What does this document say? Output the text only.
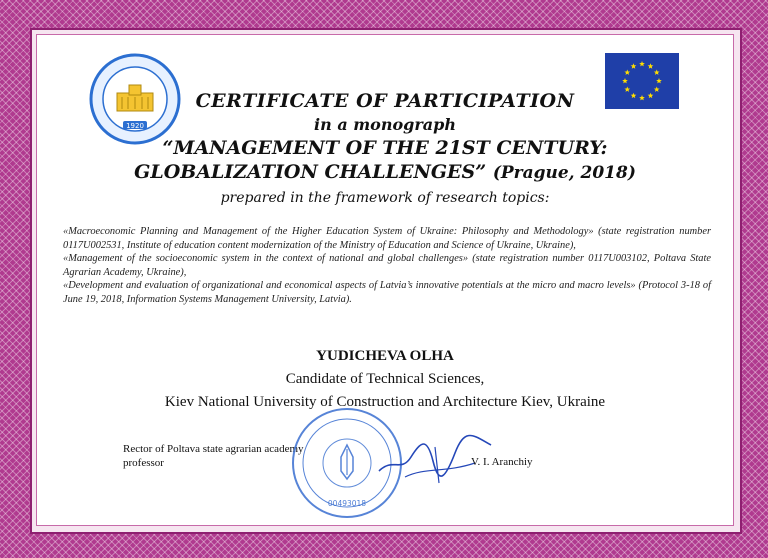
1920
CERTIFICATE OF PARTICIPATION
in a monograph
“MANAGEMENT OF THE 21ST CENTURY: GLOBALIZATION CHALLENGES” (Prague, 2018)
prepared in the framework of research topics:

«Macroeconomic Planning and Management of the Higher Education System of Ukraine: Philosophy and Methodology» (state registration number 0117U002531, Institute of education content modernization of the Ministry of Education and Science of Ukraine, Ukraine),

«Management of the socioeconomic system in the context of national and global challenges» (state registration number 0117U003102, Poltava State Agrarian Academy, Ukraine),

«Development and evaluation of organizational and economical aspects of Latvia’s innovative potentials at the micro and macro levels» (Protocol 3-18 of June 19, 2018, Information Systems Management University, Latvia).

YUDICHEVA OLHA
Candidate of Technical Sciences,
Kiev National University of Construction and Architecture Kiev, Ukraine
Rector of Poltava state agrarian academy
professor
00493018
V. I. Aranchiy
